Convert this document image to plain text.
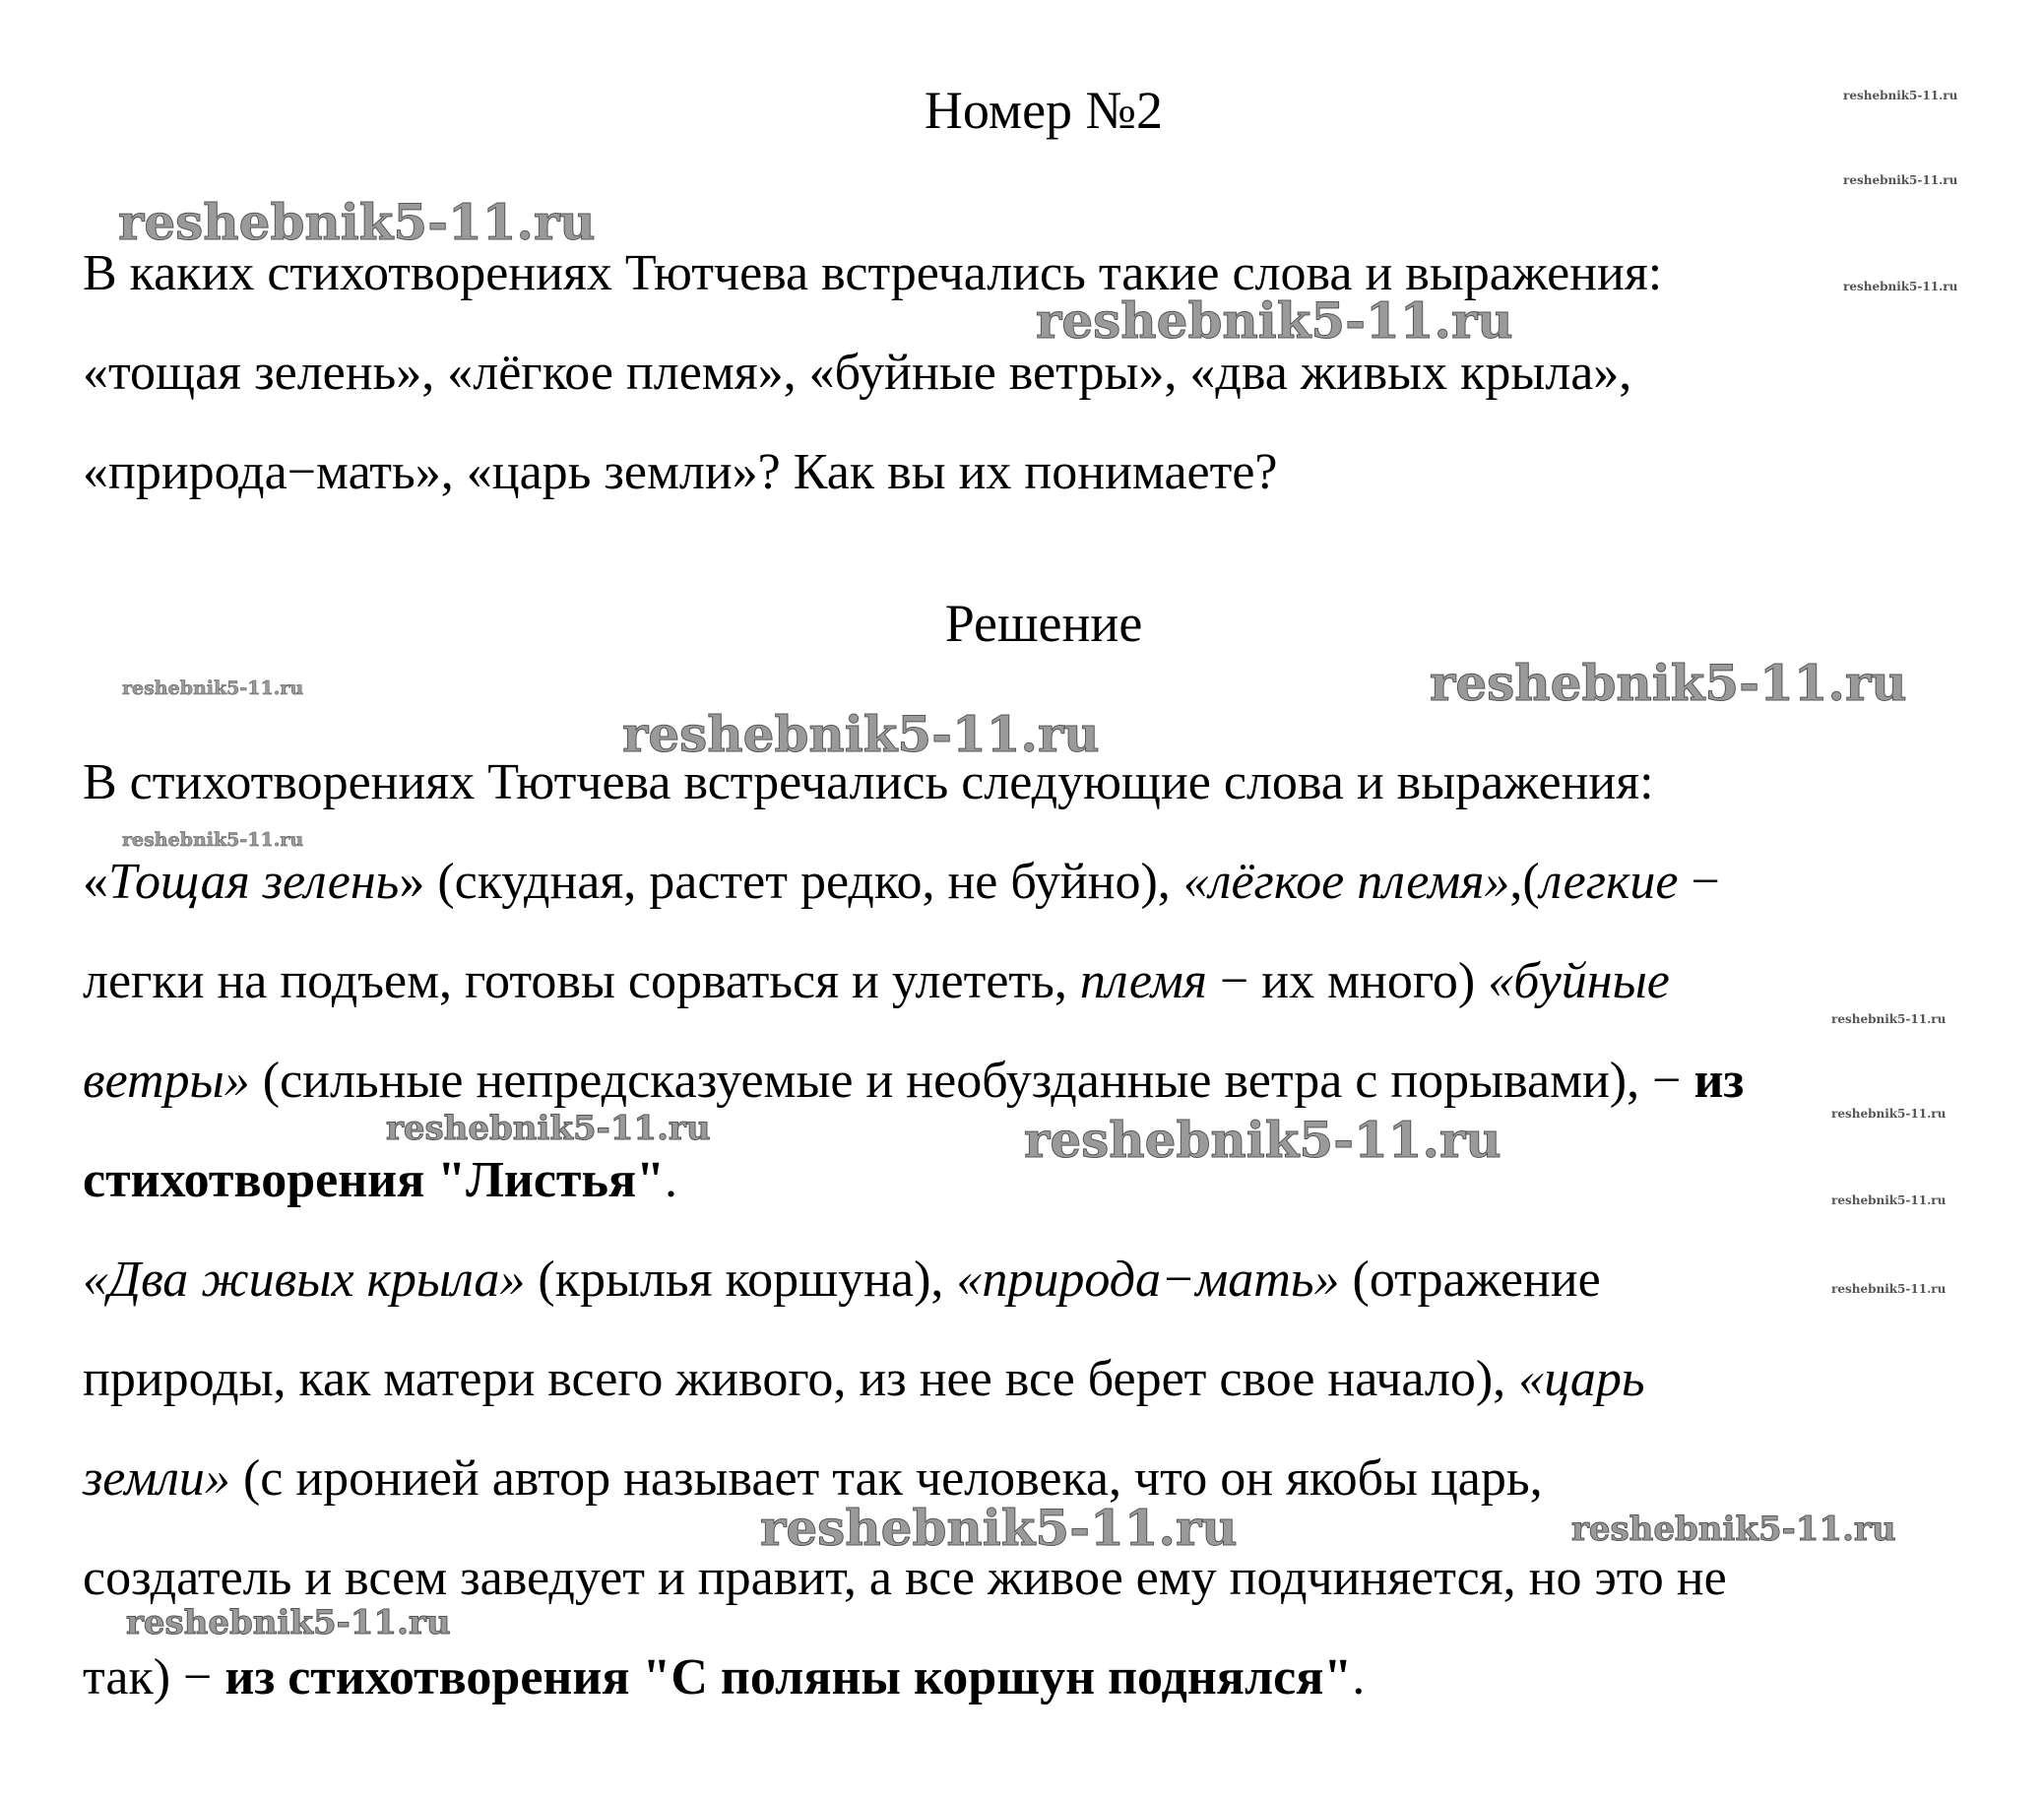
Номер №2

В каких стихотворениях Тютчева встречались такие слова и выражения:
«тощая зелень», «лёгкое племя», «буйные ветры», «два живых крыла»,
«природа−мать», «царь земли»? Как вы их понимаете?

Решение

В стихотворениях Тютчева встречались следующие слова и выражения:
«Тощая зелень» (скудная, растет редко, не буйно), «лёгкое племя»,(легкие −
легки на подъем, готовы сорваться и улететь, племя − их много) «буйные
ветры» (сильные непредсказуемые и необузданные ветра с порывами), − из
стихотворения "Листья".
«Два живых крыла» (крылья коршуна), «природа−мать» (отражение
природы, как матери всего живого, из нее все берет свое начало), «царь
земли» (с иронией автор называет так человека, что он якобы царь,
создатель и всем заведует и правит, а все живое ему подчиняется, но это не
так) − из стихотворения "С поляны коршун поднялся".

reshebnik5-11.ru
reshebnik5-11.ru
reshebnik5-11.ru
reshebnik5-11.ru
reshebnik5-11.ru
reshebnik5-11.ru
reshebnik5-11.ru
reshebnik5-11.ru
reshebnik5-11.ru
reshebnik5-11.ru
reshebnik5-11.ru
reshebnik5-11.ru
reshebnik5-11.ru
reshebnik5-11.ru
reshebnik5-11.ru
reshebnik5-11.ru
reshebnik5-11.ru
reshebnik5-11.ru
